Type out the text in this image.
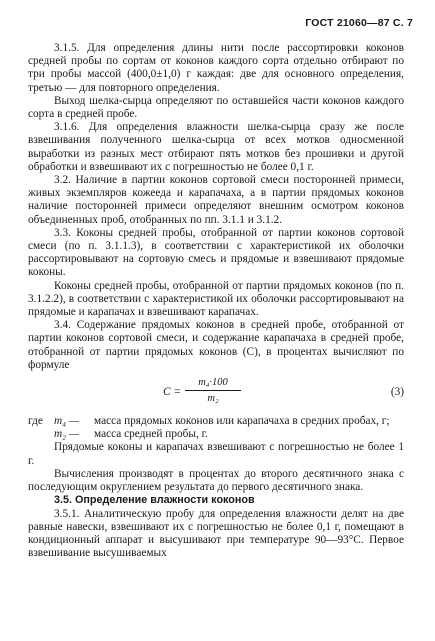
ГОСТ 21060—87 С. 7

3.1.5. Для определения длины нити после рассортировки коконов средней пробы по сортам от коконов каждого сорта отдельно отбирают по три пробы массой (400,0±1,0) г каждая: две для основного определения, третью — для повторного определения.

Выход шелка-сырца определяют по оставшейся части коконов каждого сорта в средней пробе.

3.1.6. Для определения влажности шелка-сырца сразу же после взвешивания полученного шелка-сырца от всех мотков односменной выработки из разных мест отбирают пять мотков без прошивки и другой обработки и взвешивают их с погрешностью не более 0,1 г.

3.2. Наличие в партии коконов сортовой смеси посторонней примеси, живых экземпляров кожееда и карапачаха, а в партии прядомых коконов наличие посторонней примеси определяют внешним осмотром коконов объединенных проб, отобранных по пп. 3.1.1 и 3.1.2.

3.3. Коконы средней пробы, отобранной от партии коконов сортовой смеси (по п. 3.1.1.3), в соответствии с характеристикой их оболочки рассортировывают на сортовую смесь и прядомые и взвешивают прядомые коконы.

Коконы средней пробы, отобранной от партии прядомых коконов (по п. 3.1.2.2), в соответствии с характеристикой их оболочки рассортировывают на прядомые и карапачах и взвешивают карапачах.

3.4. Содержание прядомых коконов в средней пробе, отобранной от партии коконов сортовой смеси, и содержание карапачаха в средней пробе, отобранной от партии прядомых коконов (C), в процентах вычисляют по формуле

$C = \frac{\text{m₄·100}}{\text{m₂}}$	(3)
где m₄ —	масса прядомых коконов или карапачаха в средних пробах, г;
m₂ —	масса средней пробы, г.

Прядомые коконы и карапачах взвешивают с погрешностью не более 1 г.

Вычисления производят в процентах до второго десятичного знака с последующим округлением результата до первого десятичного знака.

3.5. Определение влажности коконов

3.5.1. Аналитическую пробу для определения влажности делят на две равные навески, взвешивают их с погрешностью не более 0,1 г, помещают в кондиционный аппарат и высушивают при температуре 90—93°С. Первое взвешивание высушиваемых
